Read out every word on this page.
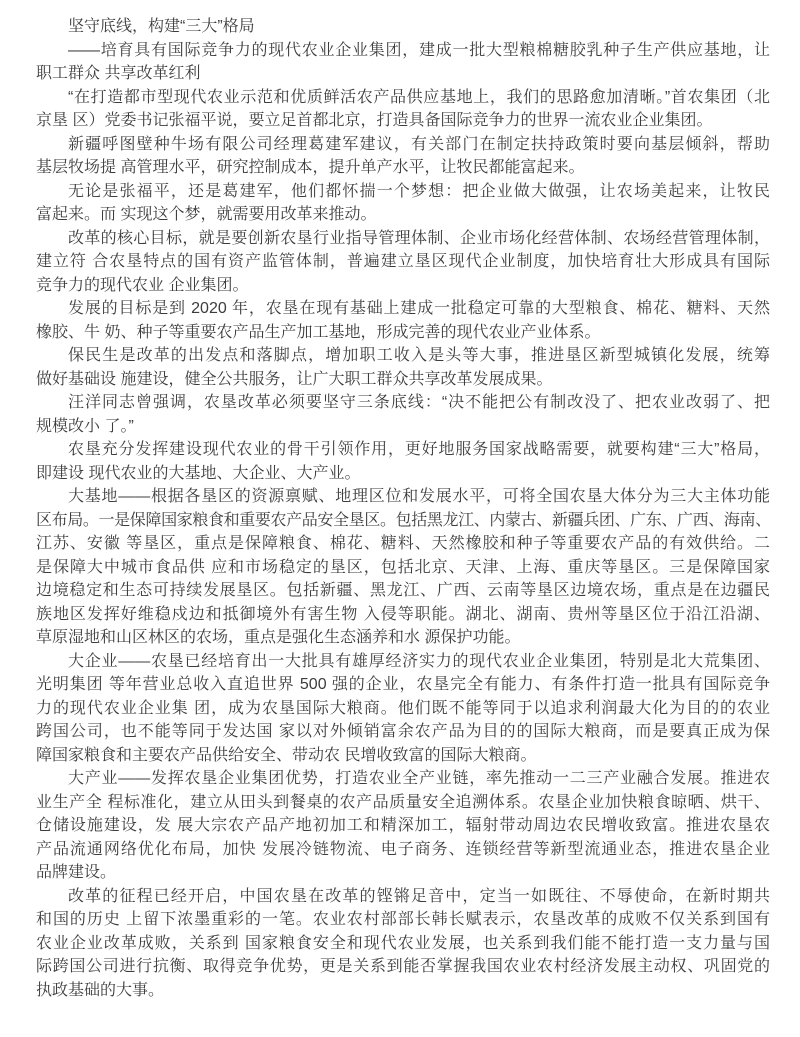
坚守底线，构建“三大”格局
——培育具有国际竞争力的现代农业企业集团，建成一批大型粮棉糖胶乳种子生产供应基地，让
职工群众 共享改革红利
“在打造都市型现代农业示范和优质鲜活农产品供应基地上，我们的思路愈加清晰。”首农集团（北
京垦 区）党委书记张福平说，要立足首都北京，打造具备国际竞争力的世界一流农业企业集团。
新疆呼图壁种牛场有限公司经理葛建军建议，有关部门在制定扶持政策时要向基层倾斜，帮助
基层牧场提 高管理水平，研究控制成本，提升单产水平，让牧民都能富起来。
无论是张福平，还是葛建军，他们都怀揣一个梦想：把企业做大做强，让农场美起来，让牧民
富起来。而 实现这个梦，就需要用改革来推动。
改革的核心目标，就是要创新农垦行业指导管理体制、企业市场化经营体制、农场经营管理体制，
建立符 合农垦特点的国有资产监管体制，普遍建立垦区现代企业制度，加快培育壮大形成具有国际
竞争力的现代农业 企业集团。
发展的目标是到 2020 年，农垦在现有基础上建成一批稳定可靠的大型粮食、棉花、糖料、天然
橡胶、牛 奶、种子等重要农产品生产加工基地，形成完善的现代农业产业体系。
保民生是改革的出发点和落脚点，增加职工收入是头等大事，推进垦区新型城镇化发展，统筹
做好基础设 施建设，健全公共服务，让广大职工群众共享改革发展成果。
汪洋同志曾强调，农垦改革必须要坚守三条底线：“决不能把公有制改没了、把农业改弱了、把
规模改小 了。”
农垦充分发挥建设现代农业的骨干引领作用，更好地服务国家战略需要，就要构建“三大”格局，
即建设 现代农业的大基地、大企业、大产业。
大基地——根据各垦区的资源禀赋、地理区位和发展水平，可将全国农垦大体分为三大主体功能
区布局。一是保障国家粮食和重要农产品安全垦区。包括黑龙江、内蒙古、新疆兵团、广东、广西、海南、
江苏、安徽 等垦区，重点是保障粮食、棉花、糖料、天然橡胶和种子等重要农产品的有效供给。二
是保障大中城市食品供 应和市场稳定的垦区，包括北京、天津、上海、重庆等垦区。三是保障国家
边境稳定和生态可持续发展垦区。包括新疆、黑龙江、广西、云南等垦区边境农场，重点是在边疆民
族地区发挥好维稳戍边和抵御境外有害生物 入侵等职能。湖北、湖南、贵州等垦区位于沿江沿湖、
草原湿地和山区林区的农场，重点是强化生态涵养和水 源保护功能。
大企业——农垦已经培育出一大批具有雄厚经济实力的现代农业企业集团，特别是北大荒集团、
光明集团 等年营业总收入直追世界 500 强的企业，农垦完全有能力、有条件打造一批具有国际竞争
力的现代农业企业集 团，成为农垦国际大粮商。他们既不能等同于以追求利润最大化为目的的农业
跨国公司，也不能等同于发达国 家以对外倾销富余农产品为目的的国际大粮商，而是要真正成为保
障国家粮食和主要农产品供给安全、带动农 民增收致富的国际大粮商。
大产业——发挥农垦企业集团优势，打造农业全产业链，率先推动一二三产业融合发展。推进农
业生产全 程标准化，建立从田头到餐桌的农产品质量安全追溯体系。农垦企业加快粮食晾晒、烘干、
仓储设施建设，发 展大宗农产品产地初加工和精深加工，辐射带动周边农民增收致富。推进农垦农
产品流通网络优化布局，加快 发展冷链物流、电子商务、连锁经营等新型流通业态，推进农垦企业
品牌建设。
改革的征程已经开启，中国农垦在改革的铿锵足音中，定当一如既往、不辱使命，在新时期共
和国的历史 上留下浓墨重彩的一笔。农业农村部部长韩长赋表示，农垦改革的成败不仅关系到国有
农业企业改革成败，关系到 国家粮食安全和现代农业发展，也关系到我们能不能打造一支力量与国
际跨国公司进行抗衡、取得竞争优势，更是关系到能否掌握我国农业农村经济发展主动权、巩固党的
执政基础的大事。
